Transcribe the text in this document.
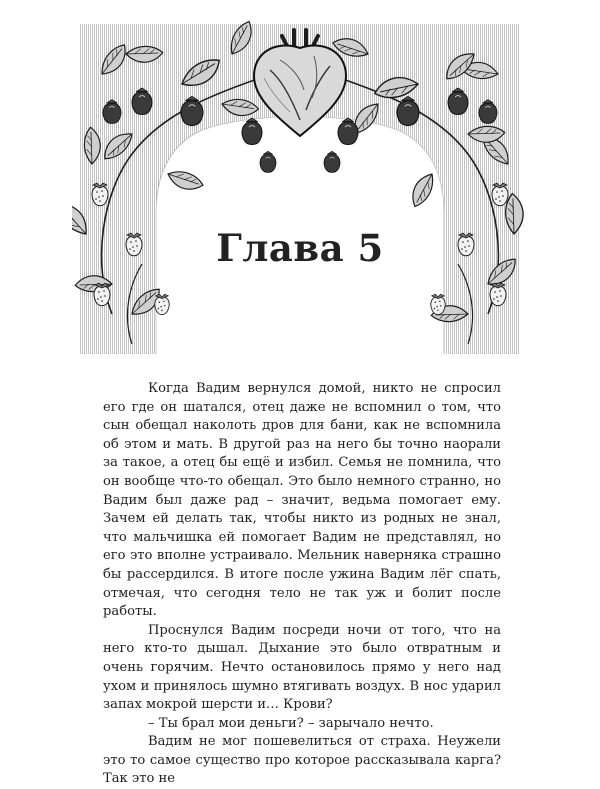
Глава 5

Когда Вадим вернулся домой, никто не спросил его где он шатался, отец даже не вспомнил о том, что сын обещал наколоть дров для бани, как не вспомнила об этом и мать. В другой раз на него бы точно наорали за такое, а отец бы ещё и избил. Семья не помнила, что он вообще что-то обещал. Это было немного странно, но Вадим был даже рад – значит, ведьма помогает ему. Зачем ей делать так, чтобы никто из родных не знал, что мальчишка ей помогает Вадим не представлял, но его это вполне устраивало. Мельник наверняка страшно бы рассердился. В итоге после ужина Вадим лёг спать, отмечая, что сегодня тело не так уж и болит после работы.

Проснулся Вадим посреди ночи от того, что на него кто-то дышал. Дыхание это было отвратным и очень горячим. Нечто остановилось прямо у него над ухом и принялось шумно втягивать воздух. В нос ударил запах мокрой шерсти и… Крови?

– Ты брал мои деньги? – зарычало нечто.

Вадим не мог пошевелиться от страха. Неужели это то самое существо про которое рассказывала карга? Так это не
